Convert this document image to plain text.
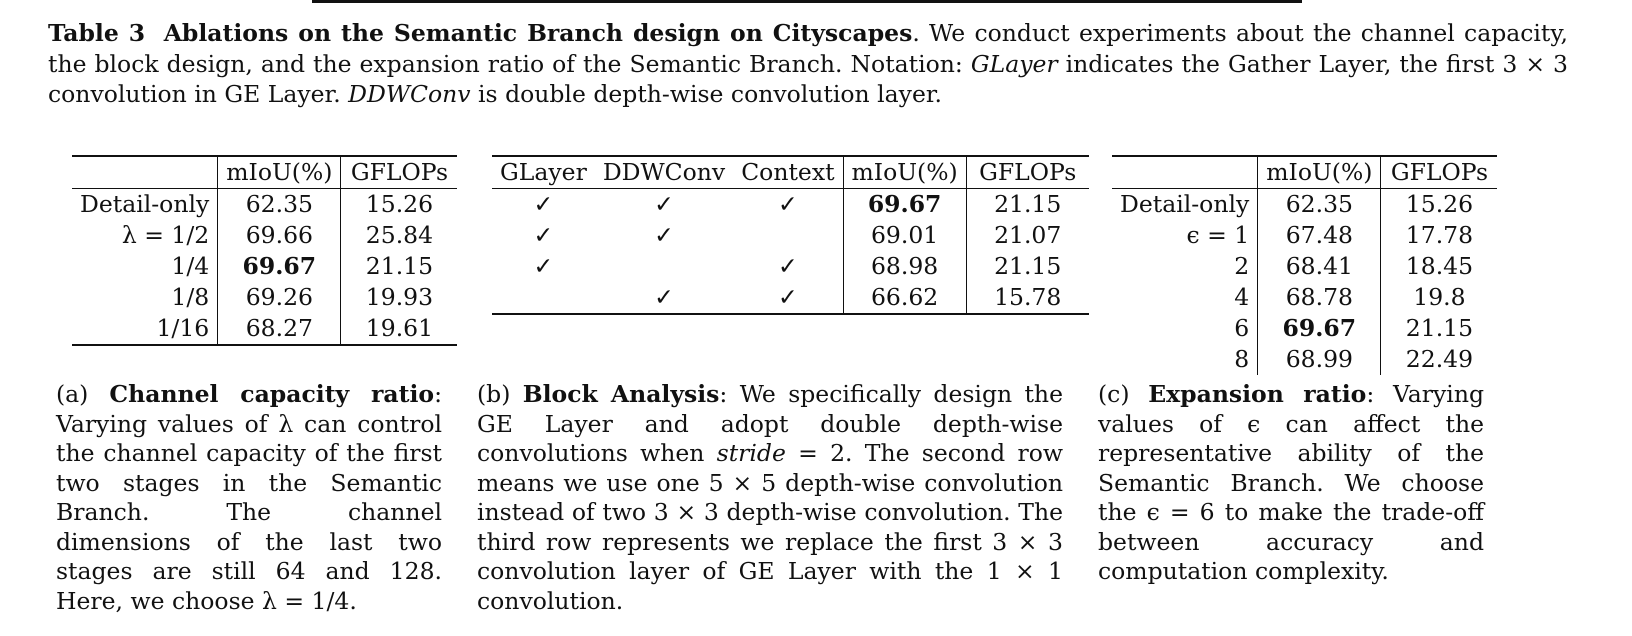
Table 3 Ablations on the Semantic Branch design on Cityscapes. We conduct experiments about the channel capacity, the block design, and the expansion ratio of the Semantic Branch. Notation: GLayer indicates the Gather Layer, the first 3 × 3 convolution in GE Layer. DDWConv is double depth-wise convolution layer.
	mIoU(%)	GFLOPs
Detail-only	62.35	15.26
λ = 1/2	69.66	25.84
1/4	69.67	21.15
1/8	69.26	19.93
1/16	68.27	19.61
GLayer	DDWConv	Context	mIoU(%)	GFLOPs
✓	✓	✓	69.67	21.15
✓	✓		69.01	21.07
✓		✓	68.98	21.15
	✓	✓	66.62	15.78
	mIoU(%)	GFLOPs
Detail-only	62.35	15.26
ϵ = 1	67.48	17.78
2	68.41	18.45
4	68.78	19.8
6	69.67	21.15
8	68.99	22.49
(a) Channel capacity ratio: Varying values of λ can control the channel capacity of the first two stages in the Semantic Branch. The channel dimensions of the last two stages are still 64 and 128. Here, we choose λ = 1/4.
(b) Block Analysis: We specifically design the GE Layer and adopt double depth-wise convolutions when stride = 2. The second row means we use one 5 × 5 depth-wise convolution instead of two 3 × 3 depth-wise convolution. The third row represents we replace the first 3 × 3 convolution layer of GE Layer with the 1 × 1 convolution.
(c) Expansion ratio: Varying values of ϵ can affect the representative ability of the Semantic Branch. We choose the ϵ = 6 to make the trade-off between accuracy and computation complexity.
